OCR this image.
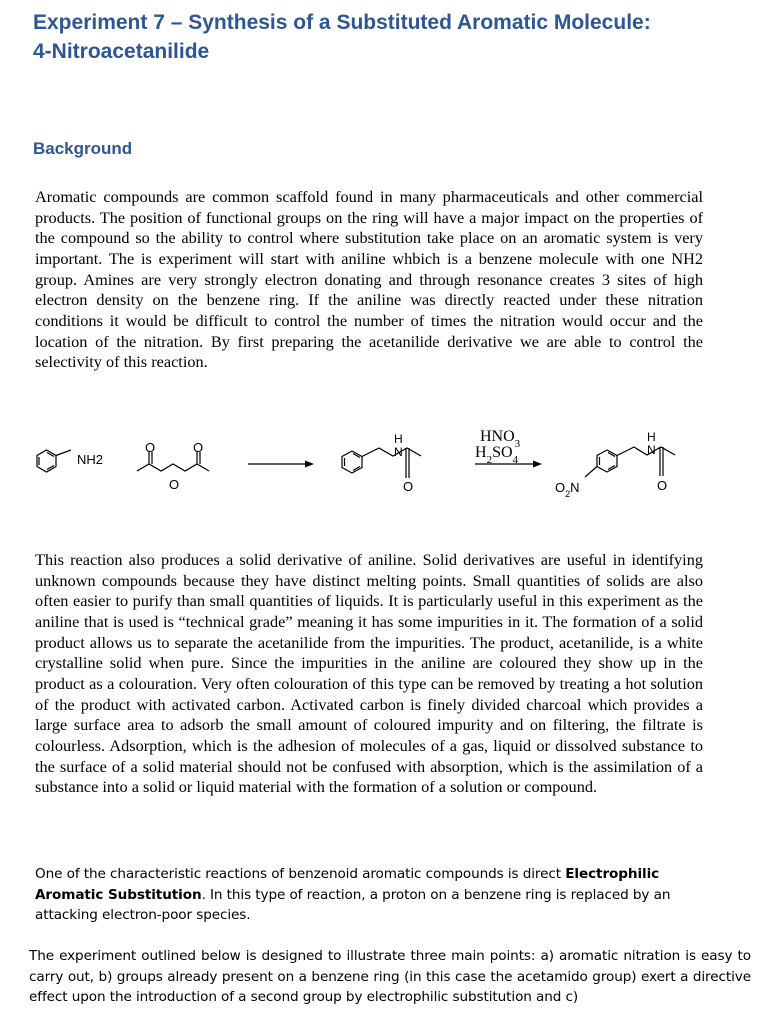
Experiment 7 – Synthesis of a Substituted Aromatic Molecule:
4-Nitroacetanilide
Background

Aromatic compounds are common scaffold found in many pharmaceuticals and other commercial products. The position of functional groups on the ring will have a major impact on the properties of the compound so the ability to control where substitution take place on an aromatic system is very important. The is experiment will start with aniline whbich is a benzene molecule with one NH2 group. Amines are very strongly electron donating and through resonance creates 3 sites of high electron density on the benzene ring. If the aniline was directly reacted under these nitration conditions it would be difficult to control the number of times the nitration would occur and the location of the nitration. By first preparing the acetanilide derivative we are able to control the selectivity of this reaction.

NH2
O	O
O
H
N
O
$HNO_3$
$H_2SO_4$
H
N
O
$O_2N$

This reaction also produces a solid derivative of aniline. Solid derivatives are useful in identifying unknown compounds because they have distinct melting points. Small quantities of solids are also often easier to purify than small quantities of liquids. It is particularly useful in this experiment as the aniline that is used is “technical grade” meaning it has some impurities in it. The formation of a solid product allows us to separate the acetanilide from the impurities. The product, acetanilide, is a white crystalline solid when pure. Since the impurities in the aniline are coloured they show up in the product as a colouration. Very often colouration of this type can be removed by treating a hot solution of the product with activated carbon. Activated carbon is finely divided charcoal which provides a large surface area to adsorb the small amount of coloured impurity and on filtering, the filtrate is colourless. Adsorption, which is the adhesion of molecules of a gas, liquid or dissolved substance to the surface of a solid material should not be confused with absorption, which is the assimilation of a substance into a solid or liquid material with the formation of a solution or compound.

One of the characteristic reactions of benzenoid aromatic compounds is direct Electrophilic Aromatic Substitution. In this type of reaction, a proton on a benzene ring is replaced by an attacking electron-poor species.

The experiment outlined below is designed to illustrate three main points: a) aromatic nitration is easy to carry out, b) groups already present on a benzene ring (in this case the acetamido group) exert a directive effect upon the introduction of a second group by electrophilic substitution and c)
